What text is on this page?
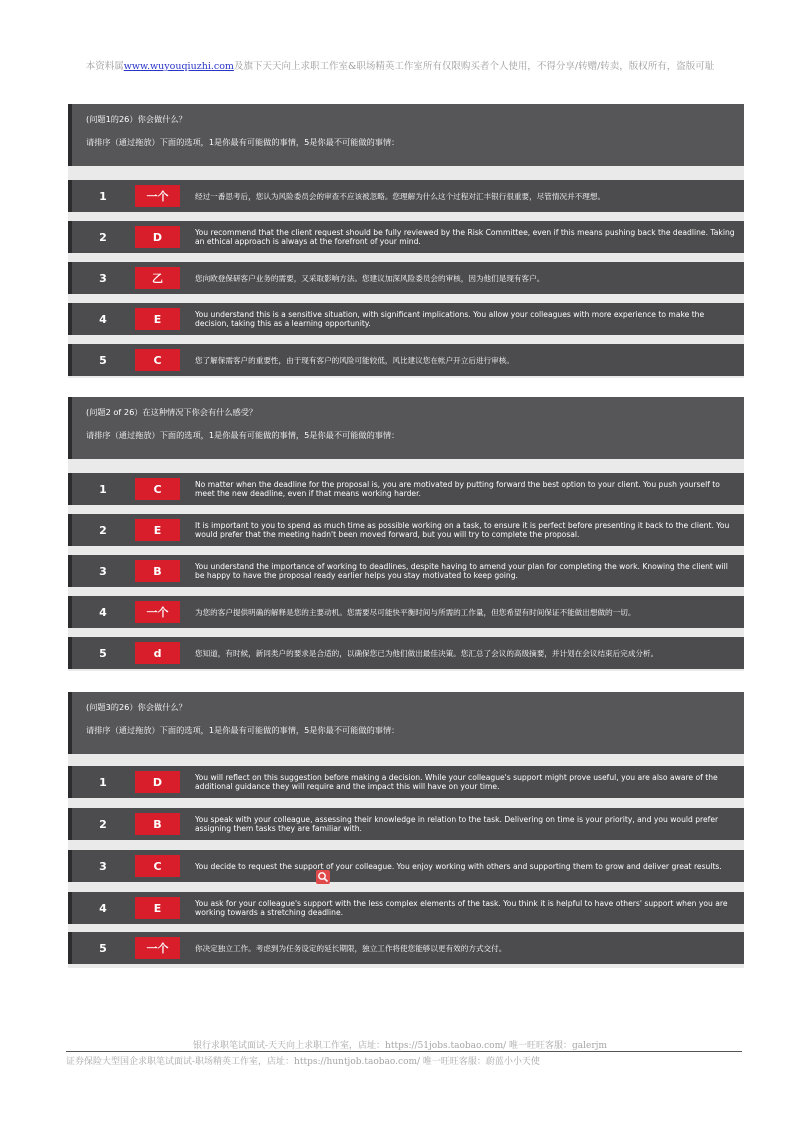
本资料属www.wuyouqiuzhi.com及旗下天天向上求职工作室&职场精英工作室所有仅限购买者个人使用，不得分享/转赠/转卖，版权所有，盗版可耻
(问题1的26）你会做什么？
请排序（通过拖放）下面的选项，1是你最有可能做的事情，5是你最不可能做的事情：
1	一个	经过一番思考后，您认为风险委员会的审查不应该被忽略。您理解为什么这个过程对汇丰银行很重要，尽管情况并不理想。
2	D	You recommend that the client request should be fully reviewed by the Risk Committee, even if this means pushing back the deadline. Taking an ethical approach is always at the forefront of your mind.
3	乙	您向欧登保研客户业务的需要，又采取影响方法。您建议加深风险委员会的审核，因为他们是现有客户。
4	E	You understand this is a sensitive situation, with significant implications. You allow your colleagues with more experience to make the decision, taking this as a learning opportunity.
5	C	您了解保需客户的重要性，由于现有客户的风险可能较低，风比建议您在帐户开立后进行审核。
(问题2 of 26）在这种情况下你会有什么感受？
请排序（通过拖放）下面的选项，1是你最有可能做的事情，5是你最不可能做的事情：
1	C	No matter when the deadline for the proposal is, you are motivated by putting forward the best option to your client. You push yourself to meet the new deadline, even if that means working harder.
2	E	It is important to you to spend as much time as possible working on a task, to ensure it is perfect before presenting it back to the client. You would prefer that the meeting hadn't been moved forward, but you will try to complete the proposal.
3	B	You understand the importance of working to deadlines, despite having to amend your plan for completing the work. Knowing the client will be happy to have the proposal ready earlier helps you stay motivated to keep going.
4	一个	为您的客户提供明确的解释是您的主要动机。您需要尽可能快平衡时间与所需的工作量，但您希望有时间保证不能做出想做的一切。
5	d	您知道，有时候，新同类户的要求是合适的，以确保您已为他们做出最佳决策。您汇总了会议的高级摘要，并计划在会议结束后完成分析。
(问题3的26）你会做什么？
请排序（通过拖放）下面的选项，1是你最有可能做的事情，5是你最不可能做的事情：
1	D	You will reflect on this suggestion before making a decision. While your colleague's support might prove useful, you are also aware of the additional guidance they will require and the impact this will have on your time.
2	B	You speak with your colleague, assessing their knowledge in relation to the task. Delivering on time is your priority, and you would prefer assigning them tasks they are familiar with.
3	C	You decide to request the support of your colleague. You enjoy working with others and supporting them to grow and deliver great results.
4	E	You ask for your colleague's support with the less complex elements of the task. You think it is helpful to have others' support when you are working towards a stretching deadline.
5	一个	你决定独立工作。考虑到为任务设定的延长期限，独立工作将使您能够以更有效的方式交付。
银行求职笔试面试-天天向上求职工作室，店址：https://51jobs.taobao.com/ 唯一旺旺客服：galerjm
证券保险大型国企求职笔试面试-职场精英工作室，店址：https://huntjob.taobao.com/ 唯一旺旺客服：蔚蓝小小天使
